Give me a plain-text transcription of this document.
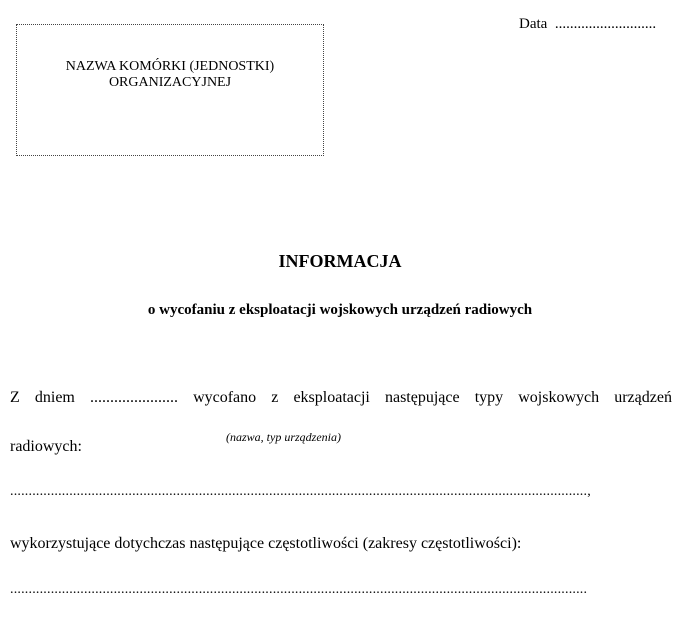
Data ...........................
NAZWA KOMÓRKI (JEDNOSTKI)
ORGANIZACYJNEJ
INFORMACJA
o wycofaniu z eksploatacji wojskowych urządzeń radiowych
Z dniem ...................... wycofano z eksploatacji następujące typy wojskowych urządzeń
radiowych:
(nazwa, typ urządzenia)
............................................................................................................................................................,
wykorzystujące dotychczas następujące częstotliwości (zakresy częstotliwości):
............................................................................................................................................................
